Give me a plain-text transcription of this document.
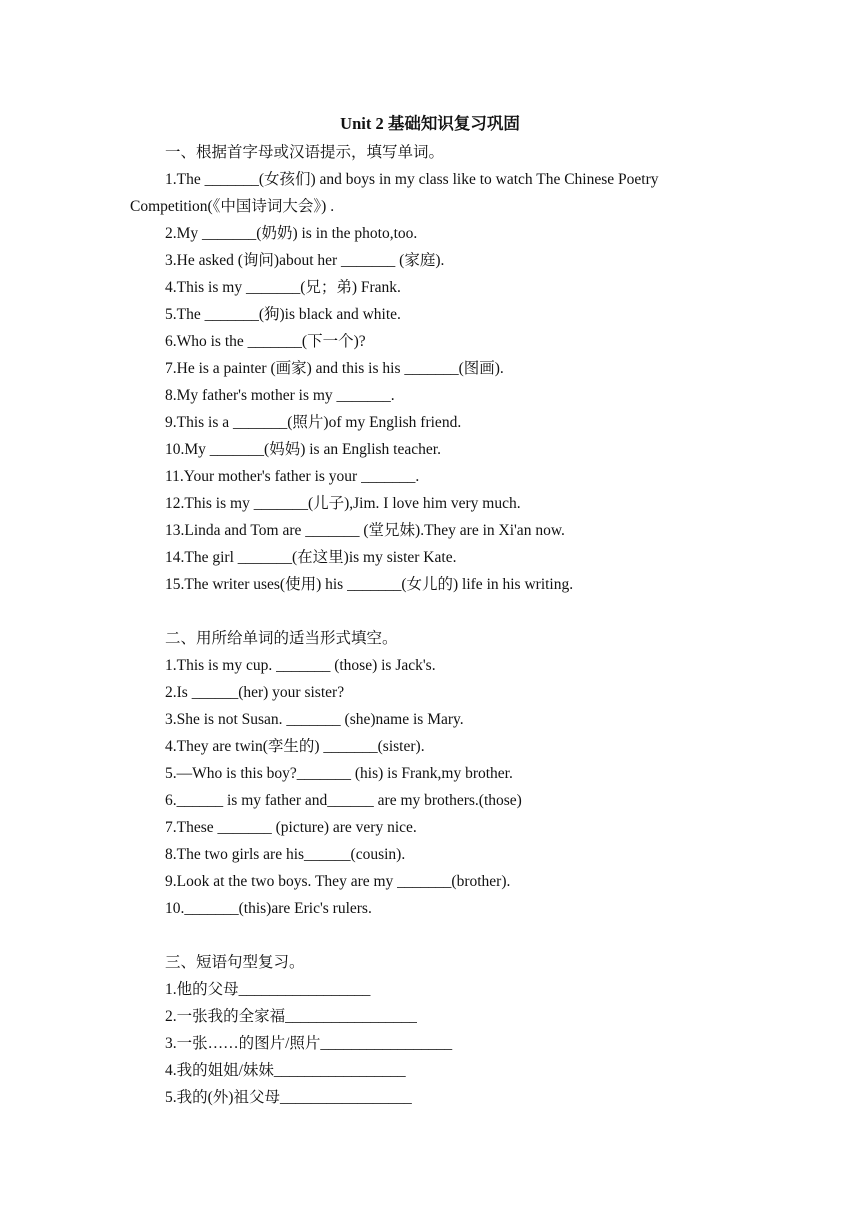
Unit 2 基础知识复习巩固
一、根据首字母或汉语提示，填写单词。
1.The _______(女孩们) and boys in my class like to watch The Chinese Poetry
Competition(《中国诗词大会》) .
2.My _______(奶奶) is in the photo,too.
3.He asked (询问)about her _______ (家庭).
4.This is my _______(兄；弟) Frank.
5.The _______(狗)is black and white.
6.Who is the _______(下一个)?
7.He is a painter (画家) and this is his _______(图画).
8.My father's mother is my _______.
9.This is a _______(照片)of my English friend.
10.My _______(妈妈) is an English teacher.
11.Your mother's father is your _______.
12.This is my _______(儿子),Jim. I love him very much.
13.Linda and Tom are _______ (堂兄妹).They are in Xi'an now.
14.The girl _______(在这里)is my sister Kate.
15.The writer uses(使用) his _______(女儿的) life in his writing.
二、用所给单词的适当形式填空。
1.This is my cup. _______ (those) is Jack's.
2.Is ______(her) your sister?
3.She is not Susan. _______ (she)name is Mary.
4.They are twin(孪生的) _______(sister).
5.—Who is this boy?_______ (his) is Frank,my brother.
6.______ is my father and______ are my brothers.(those)
7.These _______ (picture) are very nice.
8.The two girls are his______(cousin).
9.Look at the two boys. They are my _______(brother).
10._______(this)are Eric's rulers.
三、短语句型复习。
1.他的父母_________________
2.一张我的全家福_________________
3.一张……的图片/照片_________________
4.我的姐姐/妹妹_________________
5.我的(外)祖父母_________________
